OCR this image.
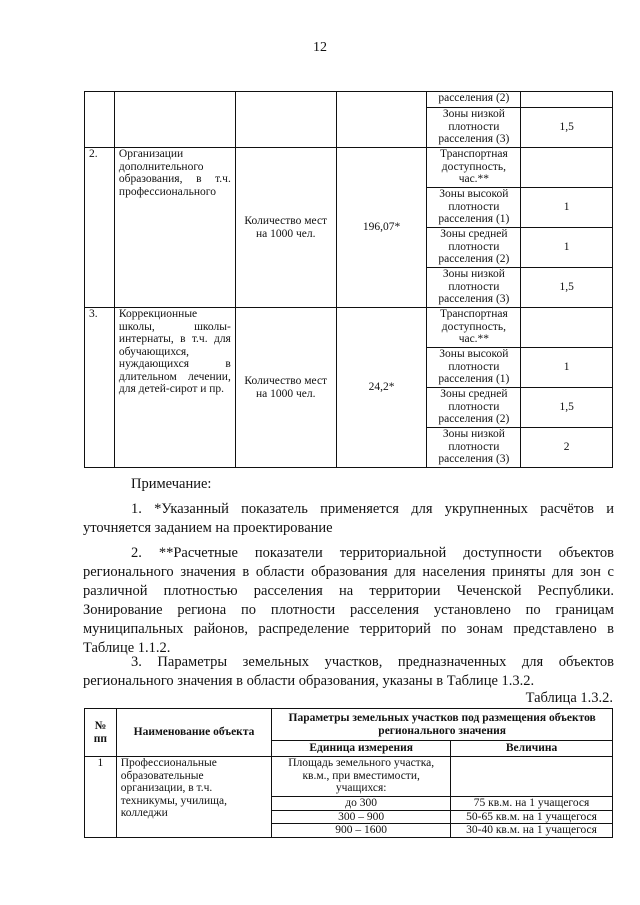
12
				расселения (2)	
				Зоны низкой плотности расселения (3)	1,5
2.	Организации дополнительного образования, в т.ч. профессионального	Количество мест на 1000 чел.	196,07*	Транспортная доступность, час.**	
				Зоны высокой плотности расселения (1)	1
				Зоны средней плотности расселения (2)	1
				Зоны низкой плотности расселения (3)	1,5
3.	Коррекционные школы, школы-интернаты, в т.ч. для обучающихся, нуждающихся в длительном лечении, для детей-сирот и пр.	Количество мест на 1000 чел.	24,2*	Транспортная доступность, час.**	
				Зоны высокой плотности расселения (1)	1
				Зоны средней плотности расселения (2)	1,5
				Зоны низкой плотности расселения (3)	2

Примечание:

1. *Указанный показатель применяется для укрупненных расчётов и уточняется заданием на проектирование

2. **Расчетные показатели территориальной доступности объектов регионального значения в области образования для населения приняты для зон с различной плотностью расселения на территории Чеченской Республики. Зонирование региона по плотности расселения установлено по границам муниципальных районов, распределение территорий по зонам представлено в Таблице 1.1.2.

3. Параметры земельных участков, предназначенных для объектов регионального значения в области образования, указаны в Таблице 1.3.2.

Таблица 1.3.2.
№ пп	Наименование объекта	Параметры земельных участков под размещения объектов регионального значения	
		Единица измерения	Величина
1	Профессиональные образовательные организации, в т.ч. техникумы, училища, колледжи	Площадь земельного участка, кв.м., при вместимости, учащихся:	
		до 300	75 кв.м. на 1 учащегося
		300 – 900	50-65 кв.м. на 1 учащегося
		900 – 1600	30-40 кв.м. на 1 учащегося
